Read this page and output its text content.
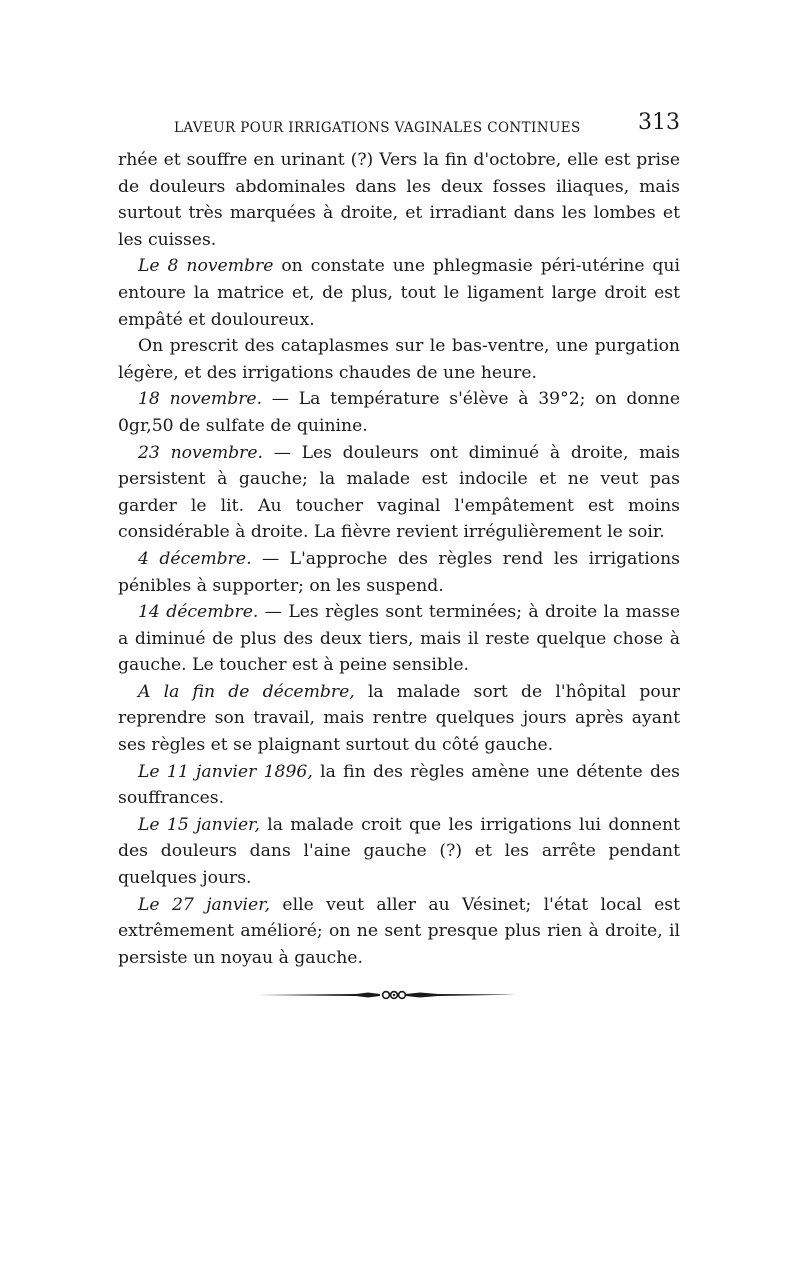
LAVEUR POUR IRRIGATIONS VAGINALES CONTINUES	313

rhée et souffre en urinant (?) Vers la fin d'octobre, elle est prise de douleurs abdominales dans les deux fosses iliaques, mais surtout très marquées à droite, et irradiant dans les lombes et les cuisses.

Le 8 novembre on constate une phlegmasie péri-utérine qui entoure la matrice et, de plus, tout le ligament large droit est empâté et douloureux.

On prescrit des cataplasmes sur le bas-ventre, une purgation légère, et des irrigations chaudes de une heure.

18 novembre. — La température s'élève à 39°2; on donne 0gr,50 de sulfate de quinine.

23 novembre. — Les douleurs ont diminué à droite, mais persistent à gauche; la malade est indocile et ne veut pas garder le lit. Au toucher vaginal l'empâtement est moins considérable à droite. La fièvre revient irrégulièrement le soir.

4 décembre. — L'approche des règles rend les irrigations pénibles à supporter; on les suspend.

14 décembre. — Les règles sont terminées; à droite la masse a diminué de plus des deux tiers, mais il reste quelque chose à gauche. Le toucher est à peine sensible.

A la fin de décembre, la malade sort de l'hôpital pour reprendre son travail, mais rentre quelques jours après ayant ses règles et se plaignant surtout du côté gauche.

Le 11 janvier 1896, la fin des règles amène une détente des souffrances.

Le 15 janvier, la malade croit que les irrigations lui donnent des douleurs dans l'aine gauche (?) et les arrête pendant quelques jours.

Le 27 janvier, elle veut aller au Vésinet; l'état local est extrêmement amélioré; on ne sent presque plus rien à droite, il persiste un noyau à gauche.
